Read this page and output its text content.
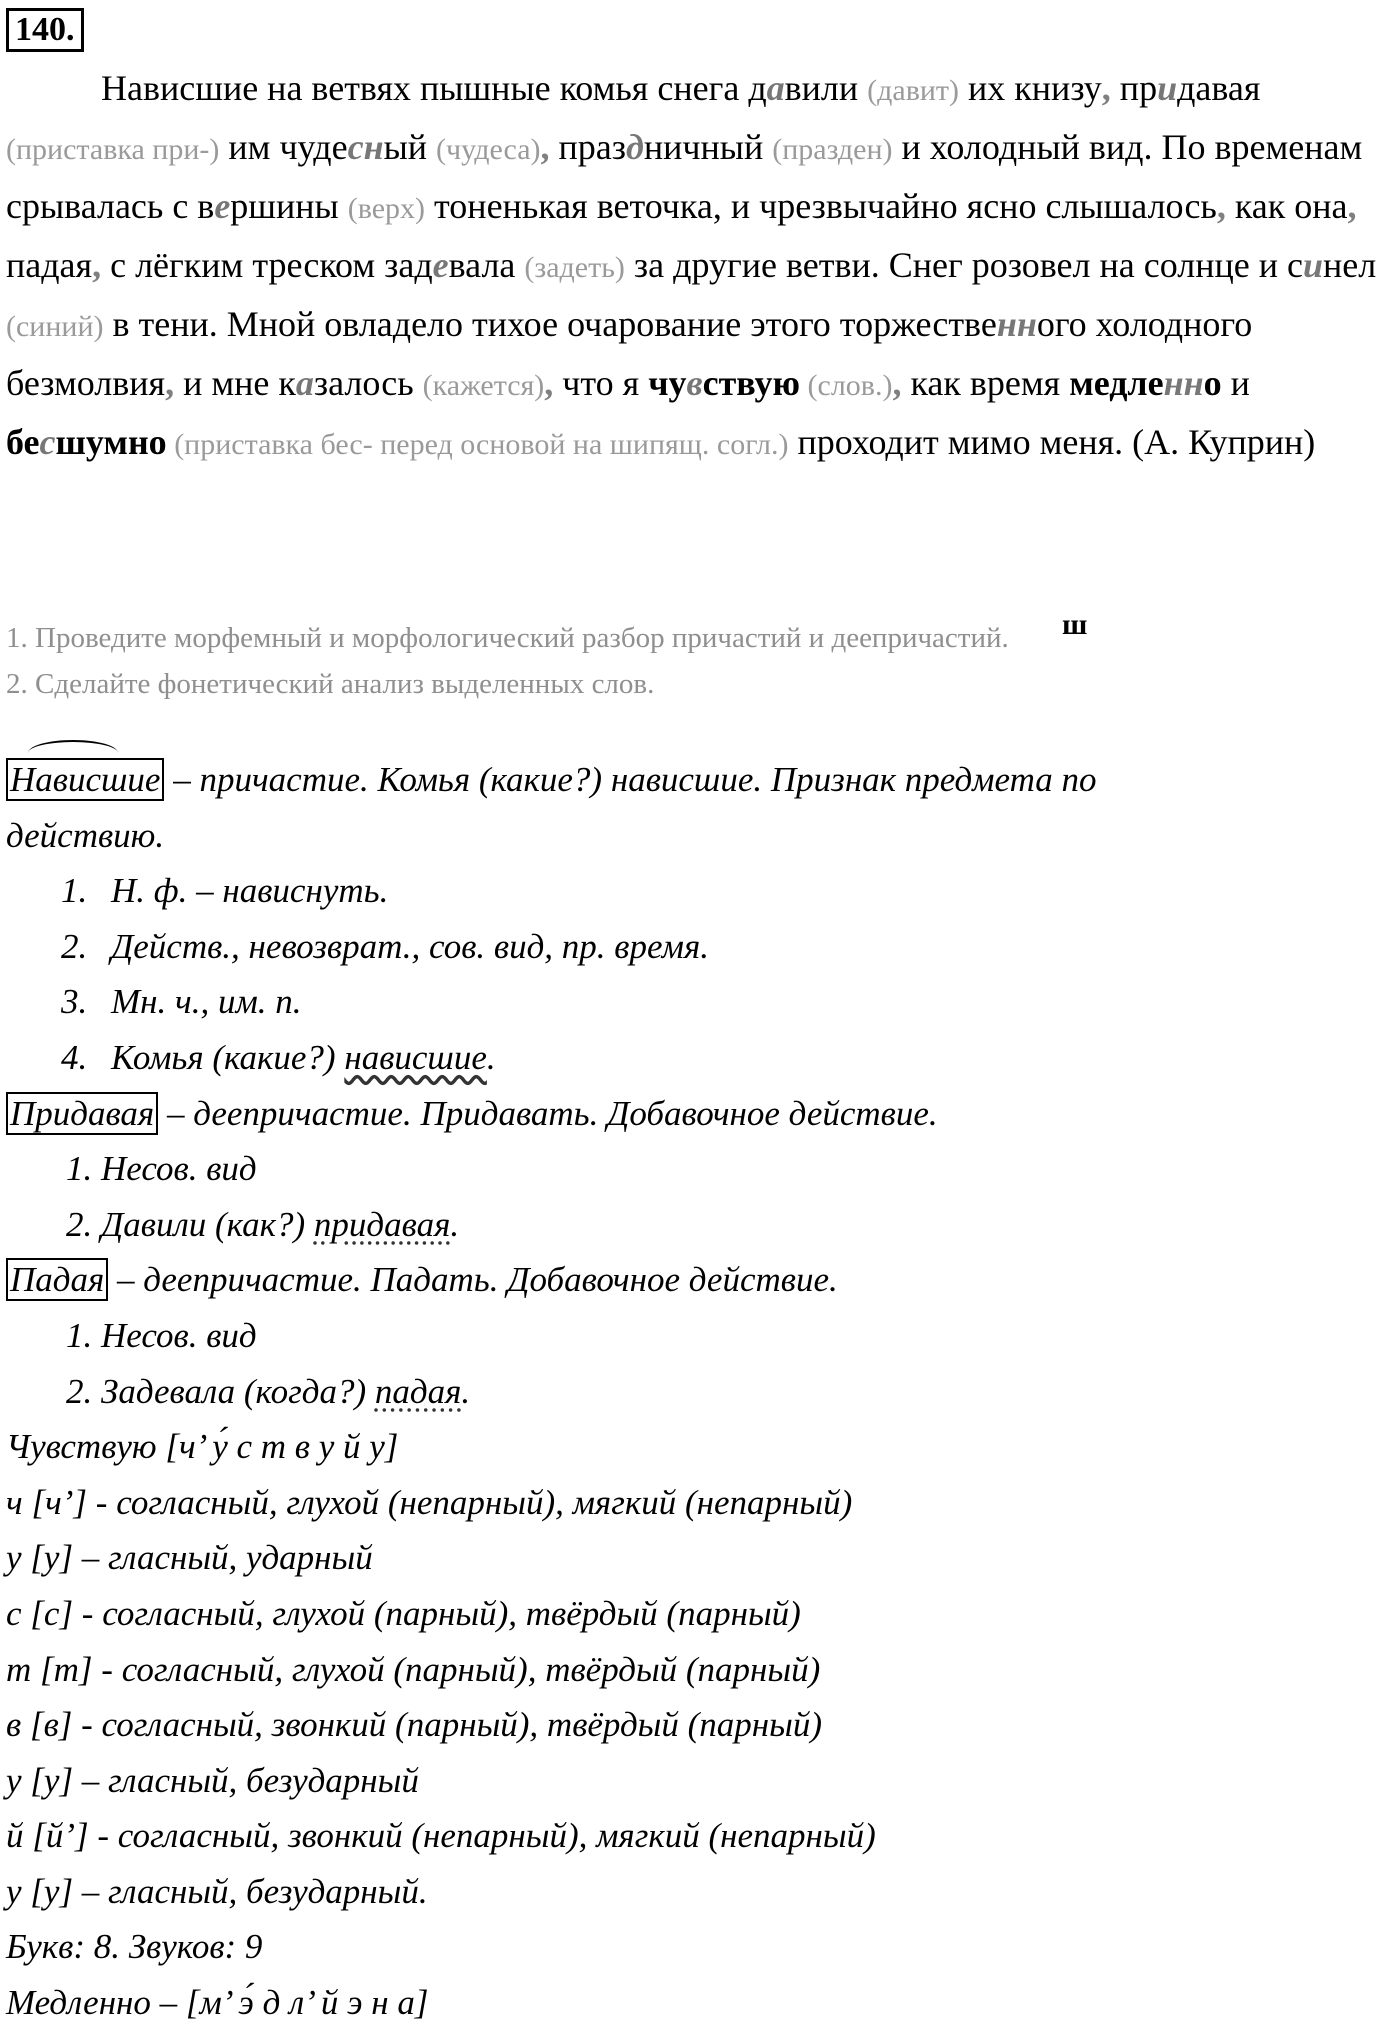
140.

Нависшие на ветвях пышные комья снега давили (давит) их книзу, придавая (приставка при-) им чудесный (чудеса), праздничный (празден) и холодный вид. По временам срывалась с вершины (верх) тоненькая веточка, и чрезвычайно ясно слышалось, как она, падая, с лёгким треском задевала (задеть) за другие ветви. Снег розовел на солнце и синел (синий) в тени. Мной овладело тихое очарование этого торжественного холодного безмолвия, и мне казалось (кажется), что я чувствую (слов.), как время медленно и бесшумно (приставка бес- перед основой на шипящ. согл.) проходит мимо меня. (А. Куприн)

1. Проведите морфемный и морфологический разбор причастий и деепричастий.
2. Сделайте фонетический анализ выделенных слов.
ш
Нависшие – причастие. Комья (какие?) нависшие. Признак предмета по
действию.
1. Н. ф. – нависнуть.
2. Действ., невозврат., сов. вид, пр. время.
3. Мн. ч., им. п.
4. Комья (какие?) нависшие.
Придавая – деепричастие. Придавать. Добавочное действие.
1. Несов. вид
2. Давили (как?) придавая.
Падая – деепричастие. Падать. Добавочное действие.
1. Несов. вид
2. Задевала (когда?) падая.
Чувствую [ч’ у́ с т в у й у]
ч [ч’] - согласный, глухой (непарный), мягкий (непарный)
у [у] – гласный, ударный
с [с] - согласный, глухой (парный), твёрдый (парный)
т [т] - согласный, глухой (парный), твёрдый (парный)
в [в] - согласный, звонкий (парный), твёрдый (парный)
у [у] – гласный, безударный
й [й’] - согласный, звонкий (непарный), мягкий (непарный)
у [у] – гласный, безударный.
Букв: 8. Звуков: 9
Медленно – [м’ э́ д л’ й э н а]
